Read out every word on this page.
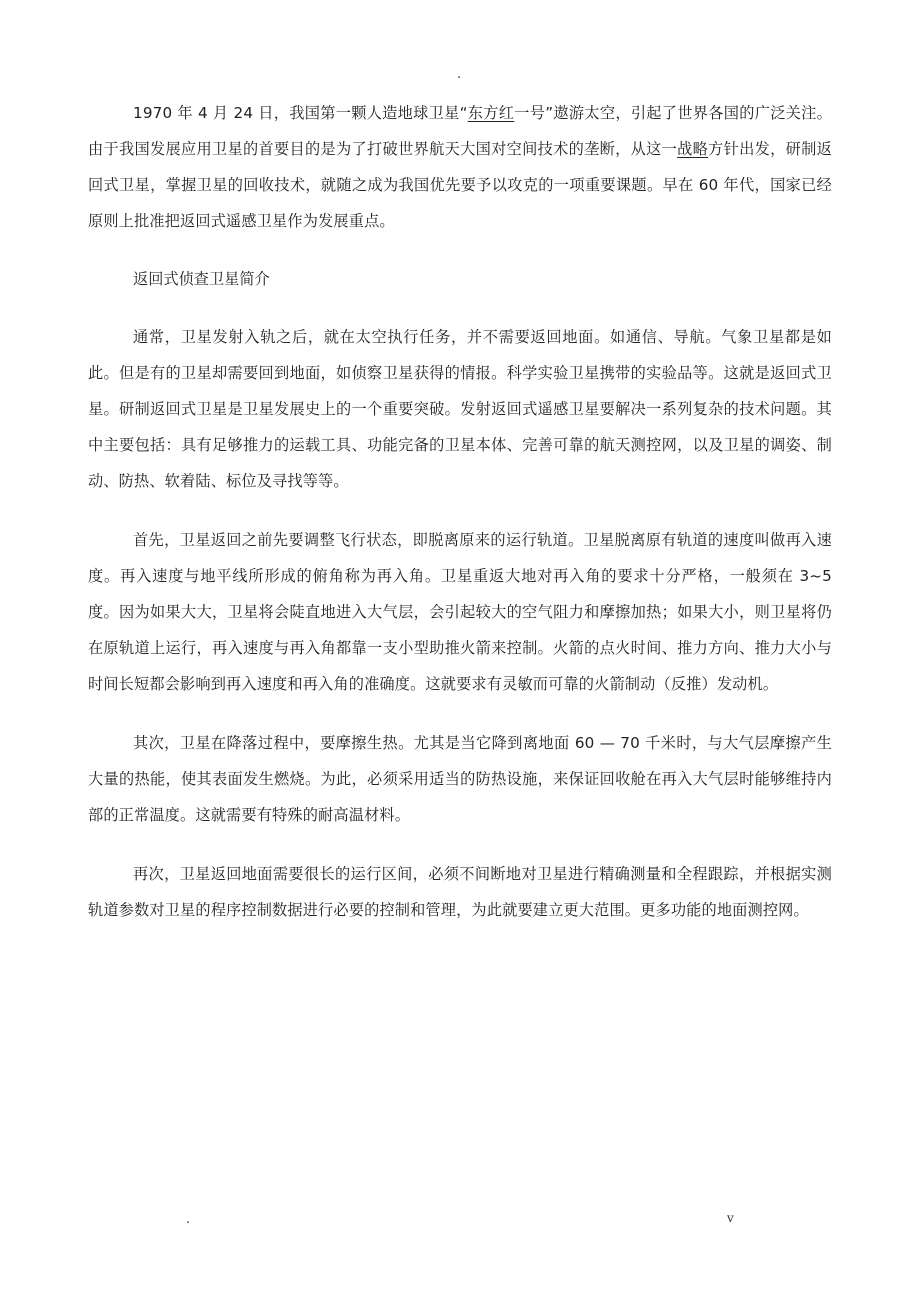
.

1970 年 4 月 24 日，我国第一颗人造地球卫星“东方红一号”遨游太空，引起了世界各国的广泛关注。由于我国发展应用卫星的首要目的是为了打破世界航天大国对空间技术的垄断，从这一战略方针出发，研制返回式卫星，掌握卫星的回收技术，就随之成为我国优先要予以攻克的一项重要课题。早在 60 年代，国家已经原则上批准把返回式遥感卫星作为发展重点。

返回式侦查卫星简介

通常，卫星发射入轨之后，就在太空执行任务，并不需要返回地面。如通信、导航。气象卫星都是如此。但是有的卫星却需要回到地面，如侦察卫星获得的情报。科学实验卫星携带的实验品等。这就是返回式卫星。研制返回式卫星是卫星发展史上的一个重要突破。发射返回式遥感卫星要解决一系列复杂的技术问题。其中主要包括：具有足够推力的运载工具、功能完备的卫星本体、完善可靠的航天测控网，以及卫星的调姿、制动、防热、软着陆、标位及寻找等等。

首先，卫星返回之前先要调整飞行状态，即脱离原来的运行轨道。卫星脱离原有轨道的速度叫做再入速度。再入速度与地平线所形成的俯角称为再入角。卫星重返大地对再入角的要求十分严格，一般须在 3~5 度。因为如果大大，卫星将会陡直地进入大气层，会引起较大的空气阻力和摩擦加热；如果大小，则卫星将仍在原轨道上运行，再入速度与再入角都靠一支小型助推火箭来控制。火箭的点火时间、推力方向、推力大小与时间长短都会影响到再入速度和再入角的准确度。这就要求有灵敏而可靠的火箭制动（反推）发动机。

其次，卫星在降落过程中，要摩擦生热。尤其是当它降到离地面 60 — 70 千米时，与大气层摩擦产生大量的热能，使其表面发生燃烧。为此，必须采用适当的防热设施，来保证回收舱在再入大气层时能够维持内部的正常温度。这就需要有特殊的耐高温材料。

再次，卫星返回地面需要很长的运行区间，必须不间断地对卫星进行精确测量和全程跟踪，并根据实测轨道参数对卫星的程序控制数据进行必要的控制和管理，为此就要建立更大范围。更多功能的地面测控网。

.	v
